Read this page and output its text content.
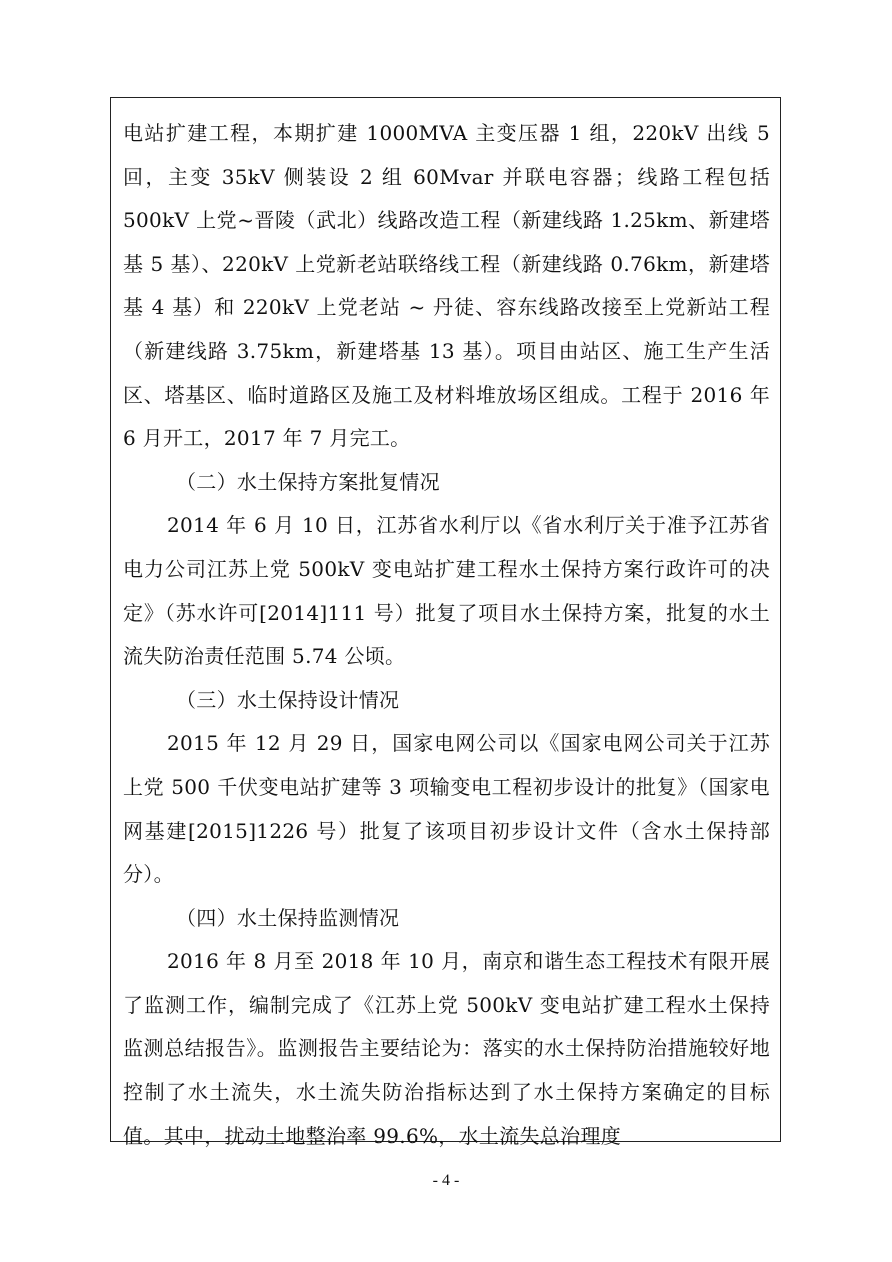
电站扩建工程，本期扩建 1000MVA 主变压器 1 组，220kV 出线 5 回，主变 35kV 侧装设 2 组 60Mvar 并联电容器；线路工程包括 500kV 上党~晋陵（武北）线路改造工程（新建线路 1.25km、新建塔基 5 基）、220kV 上党新老站联络线工程（新建线路 0.76km，新建塔基 4 基）和 220kV 上党老站 ~ 丹徒、容东线路改接至上党新站工程（新建线路 3.75km，新建塔基 13 基）。项目由站区、施工生产生活区、塔基区、临时道路区及施工及材料堆放场区组成。工程于 2016 年 6 月开工，2017 年 7 月完工。

（二）水土保持方案批复情况

2014 年 6 月 10 日，江苏省水利厅以《省水利厅关于准予江苏省电力公司江苏上党 500kV 变电站扩建工程水土保持方案行政许可的决定》（苏水许可[2014]111 号）批复了项目水土保持方案，批复的水土流失防治责任范围 5.74 公顷。

（三）水土保持设计情况

2015 年 12 月 29 日，国家电网公司以《国家电网公司关于江苏上党 500 千伏变电站扩建等 3 项输变电工程初步设计的批复》（国家电网基建[2015]1226 号）批复了该项目初步设计文件（含水土保持部分）。

（四）水土保持监测情况

2016 年 8 月至 2018 年 10 月，南京和谐生态工程技术有限开展了监测工作，编制完成了《江苏上党 500kV 变电站扩建工程水土保持监测总结报告》。监测报告主要结论为：落实的水土保持防治措施较好地控制了水土流失，水土流失防治指标达到了水土保持方案确定的目标值。其中，扰动土地整治率 99.6%，水土流失总治理度

- 4 -
